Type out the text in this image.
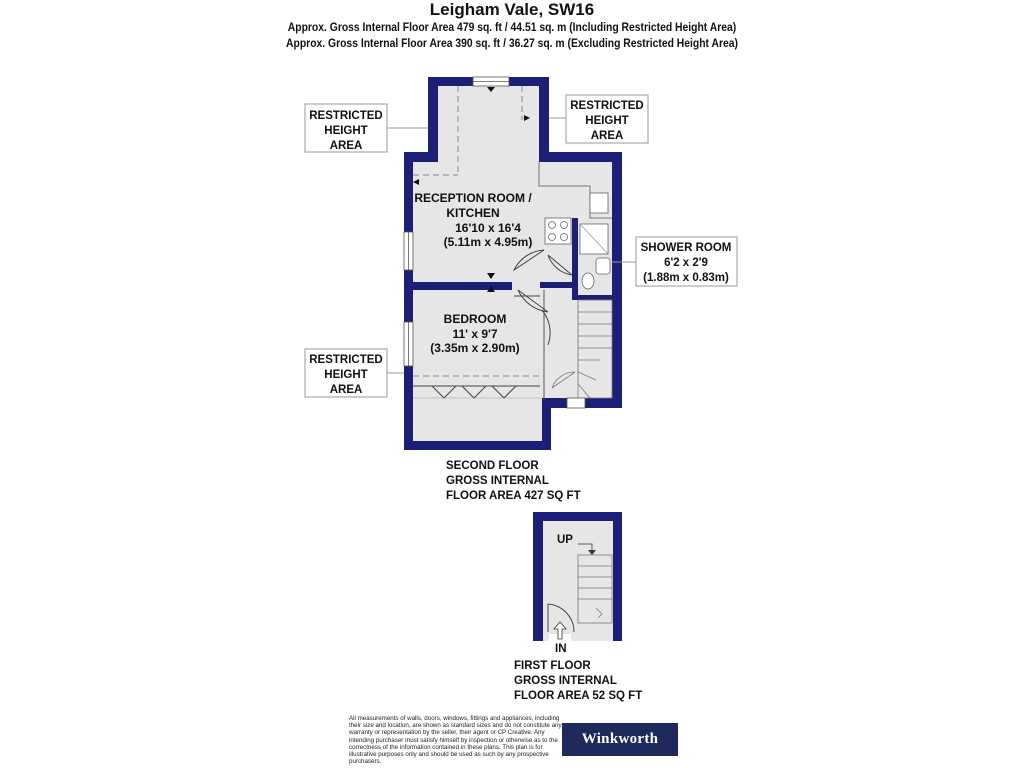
Leigham Vale, SW16
Approx. Gross Internal Floor Area 479 sq. ft / 44.51 sq. m (Including Restricted Height Area)
Approx. Gross Internal Floor Area 390 sq. ft / 36.27 sq. m (Excluding Restricted Height Area)
RECEPTION ROOM /
KITCHEN
16'10 x 16'4
(5.11m x 4.95m)
BEDROOM
11' x 9'7
(3.35m x 2.90m)
RESTRICTED
HEIGHT
AREA
RESTRICTED
HEIGHT
AREA
RESTRICTED
HEIGHT
AREA
SHOWER ROOM
6'2 x 2'9
(1.88m x 0.83m)
SECOND FLOOR
GROSS INTERNAL
FLOOR AREA 427 SQ FT
UP
IN
FIRST FLOOR
GROSS INTERNAL
FLOOR AREA 52 SQ FT
All measurements of walls, doors, windows, fittings and appliances, including their size and location, are shown as standard sizes and do not constitute any warranty or representation by the seller, their agent or CP Creative. Any intending purchaser must satisfy himself by inspection or otherwise as to the correctness of the information contained in these plans. This plan is for illustrative purposes only and should be used as such by any prospective purchasers.
Winkworth
